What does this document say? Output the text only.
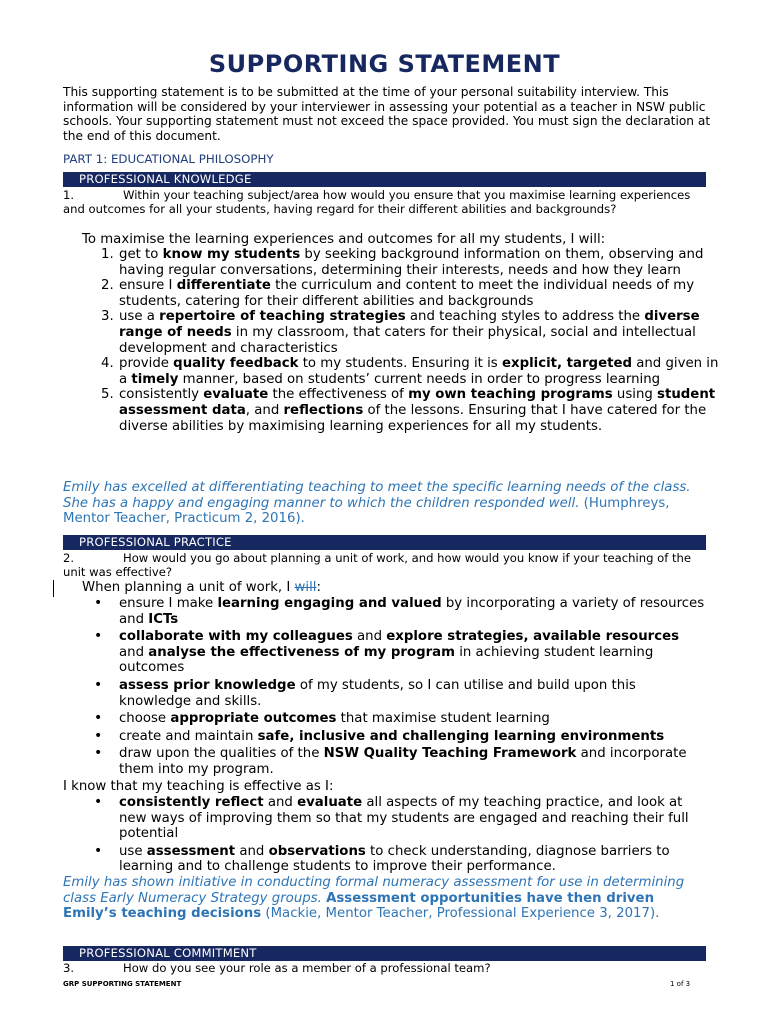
SUPPORTING STATEMENT
This supporting statement is to be submitted at the time of your personal suitability interview. This information will be considered by your interviewer in assessing your potential as a teacher in NSW public schools. Your supporting statement must not exceed the space provided. You must sign the declaration at the end of this document.
PART 1: EDUCATIONAL PHILOSOPHY
PROFESSIONAL KNOWLEDGE
1.	Within your teaching subject/area how would you ensure that you maximise learning experiences and outcomes for all your students, having regard for their different abilities and backgrounds?
To maximise the learning experiences and outcomes for all my students, I will:
1. get to know my students by seeking background information on them, observing and having regular conversations, determining their interests, needs and how they learn
2. ensure I differentiate the curriculum and content to meet the individual needs of my students, catering for their different abilities and backgrounds
3. use a repertoire of teaching strategies and teaching styles to address the diverse range of needs in my classroom, that caters for their physical, social and intellectual development and characteristics
4. provide quality feedback to my students. Ensuring it is explicit, targeted and given in a timely manner, based on students’ current needs in order to progress learning
5. consistently evaluate the effectiveness of my own teaching programs using student assessment data, and reflections of the lessons. Ensuring that I have catered for the diverse abilities by maximising learning experiences for all my students.
Emily has excelled at differentiating teaching to meet the specific learning needs of the class. She has a happy and engaging manner to which the children responded well. (Humphreys, Mentor Teacher, Practicum 2, 2016).
PROFESSIONAL PRACTICE
2.	How would you go about planning a unit of work, and how would you know if your teaching of the unit was effective?
When planning a unit of work, I will:
• ensure I make learning engaging and valued by incorporating a variety of resources and ICTs
• collaborate with my colleagues and explore strategies, available resources and analyse the effectiveness of my program in achieving student learning outcomes
• assess prior knowledge of my students, so I can utilise and build upon this knowledge and skills.
• choose appropriate outcomes that maximise student learning
• create and maintain safe, inclusive and challenging learning environments
• draw upon the qualities of the NSW Quality Teaching Framework and incorporate them into my program.
I know that my teaching is effective as I:
• consistently reflect and evaluate all aspects of my teaching practice, and look at new ways of improving them so that my students are engaged and reaching their full potential
• use assessment and observations to check understanding, diagnose barriers to learning and to challenge students to improve their performance.
Emily has shown initiative in conducting formal numeracy assessment for use in determining class Early Numeracy Strategy groups. Assessment opportunities have then driven Emily’s teaching decisions (Mackie, Mentor Teacher, Professional Experience 3, 2017).
PROFESSIONAL COMMITMENT
3.	How do you see your role as a member of a professional team?
GRP SUPPORTING STATEMENT	1 of 3
